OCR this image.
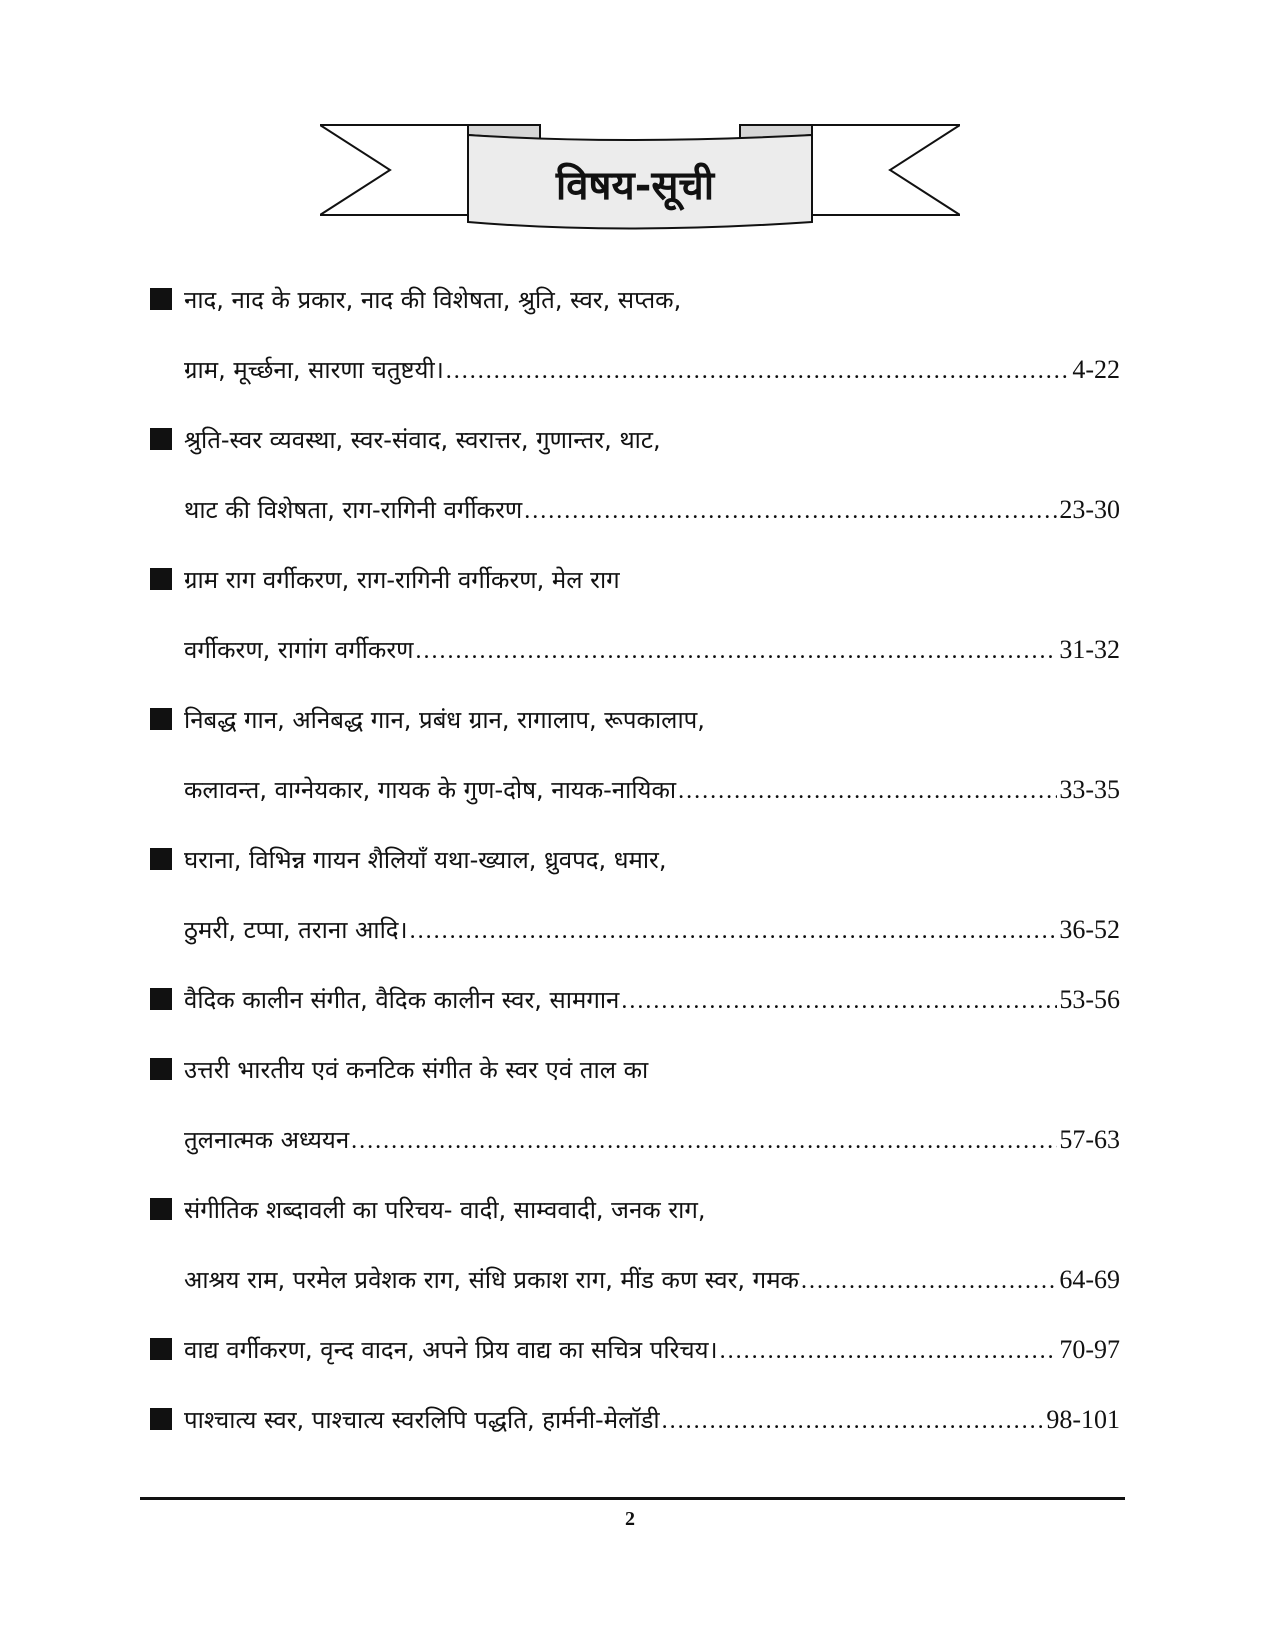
विषय-सूची
नाद, नाद के प्रकार, नाद की विशेषता, श्रुति, स्वर, सप्तक,
ग्राम, मूर्च्छना, सारणा चतुष्टयी। .....	4-22
श्रुति-स्वर व्यवस्था, स्वर-संवाद, स्वरात्तर, गुणान्तर, थाट,
थाट की विशेषता, राग-रागिनी वर्गीकरण .....	23-30
ग्राम राग वर्गीकरण, राग-रागिनी वर्गीकरण, मेल राग
वर्गीकरण, रागांग वर्गीकरण .....	31-32
निबद्ध गान, अनिबद्ध गान, प्रबंध ग्रान, रागालाप, रूपकालाप,
कलावन्त, वाग्नेयकार, गायक के गुण-दोष, नायक-नायिका .....	33-35
घराना, विभिन्न गायन शैलियाँ यथा-ख्याल, ध्रुवपद, धमार,
ठुमरी, टप्पा, तराना आदि। .....	36-52
वैदिक कालीन संगीत, वैदिक कालीन स्वर, सामगान .....	53-56
उत्तरी भारतीय एवं कनटिक संगीत के स्वर एवं ताल का
तुलनात्मक अध्ययन .....	57-63
संगीतिक शब्दावली का परिचय- वादी, साम्ववादी, जनक राग,
आश्रय राम, परमेल प्रवेशक राग, संधि प्रकाश राग, मींड कण स्वर, गमक .....	64-69
वाद्य वर्गीकरण, वृन्द वादन, अपने प्रिय वाद्य का सचित्र परिचय। .....	70-97
पाश्चात्य स्वर, पाश्चात्य स्वरलिपि पद्धति, हार्मनी-मेलॉडी .....	98-101
2
